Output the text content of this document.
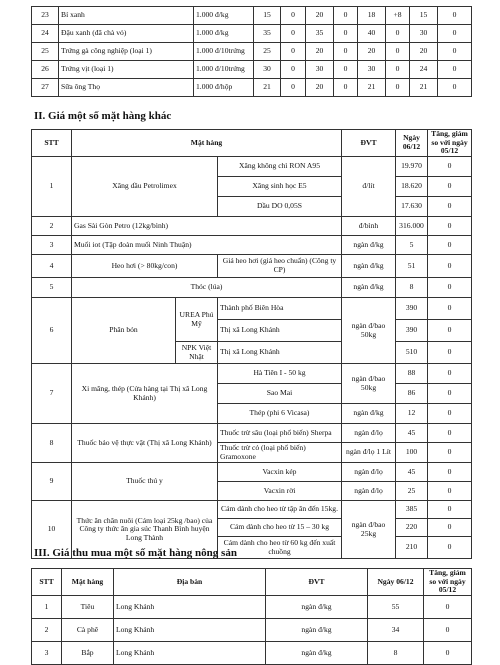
23	Bí xanh	1.000 đ/kg	15	0	20	0	18	+8	15	0
24	Đậu xanh (đã chà vỏ)	1.000 đ/kg	35	0	35	0	40	0	30	0
25	Trứng gà công nghiệp (loại 1)	1.000 đ/10trứng	25	0	20	0	20	0	20	0
26	Trứng vịt (loại 1)	1.000 đ/10trứng	30	0	30	0	30	0	24	0
27	Sữa ông Thọ	1.000 đ/hộp	21	0	20	0	21	0	21	0
II. Giá một số mặt hàng khác
STT	Mặt hàng			ĐVT	Ngày 06/12	Tăng, giảm so với ngày 05/12
1	Xăng dầu Petrolimex		Xăng không chì RON A95	đ/lít	19.970	0
			Xăng sinh học E5		18.620	0
			Dầu DO 0,05S		17.630	0
2	Gas Sài Gòn Petro (12kg/bình)			đ/bình	316.000	0
3	Muối iot (Tập đoàn muối Ninh Thuận)			ngàn đ/kg	5	0
4	Heo hơi (> 80kg/con)		Giá heo hơi (giá heo chuẩn) (Công ty CP)	ngàn đ/kg	51	0
5	Thóc (lúa)			ngàn đ/kg	8	0
6	Phân bón	UREA Phú Mỹ	Thành phố Biên Hòa	ngàn đ/bao 50kg	390	0
			Thị xã Long Khánh		390	0
		NPK Việt Nhật	Thị xã Long Khánh		510	0
7	Xi măng, thép (Cửa hàng tại Thị xã Long Khánh)		Hà Tiên I - 50 kg	ngàn đ/bao 50kg	88	0
			Sao Mai		86	0
			Thép (phi 6 Vicasa)	ngàn đ/kg	12	0
8	Thuốc bảo vệ thực vật (Thị xã Long Khánh)		Thuốc trừ sâu (loại phổ biến) Sherpa	ngàn đ/lọ	45	0
			Thuốc trừ cỏ (loại phổ biến) Gramoxone	ngàn đ/lọ 1 Lít	100	0
9	Thuốc thú y		Vacxin kép	ngàn đ/lọ	45	0
			Vacxin rời	ngàn đ/lọ	25	0
10	Thức ăn chăn nuôi (Cám loại 25kg /bao) của Công ty thức ăn gia súc Thanh Bình huyện Long Thành		Cám dành cho heo từ tập ăn đến 15kg.	ngàn đ/bao 25kg	385	0
			Cám dành cho heo từ 15 – 30 kg		220	0
			Cám dành cho heo từ 60 kg đến xuất chuồng		210	0
III. Giá thu mua một số mặt hàng nông sản
STT	Mặt hàng	Địa bàn	ĐVT	Ngày 06/12	Tăng, giảm so với ngày 05/12
1	Tiêu	Long Khánh	ngàn đ/kg	55	0
2	Cà phê	Long Khánh	ngàn đ/kg	34	0
3	Bắp	Long Khánh	ngàn đ/kg	8	0
